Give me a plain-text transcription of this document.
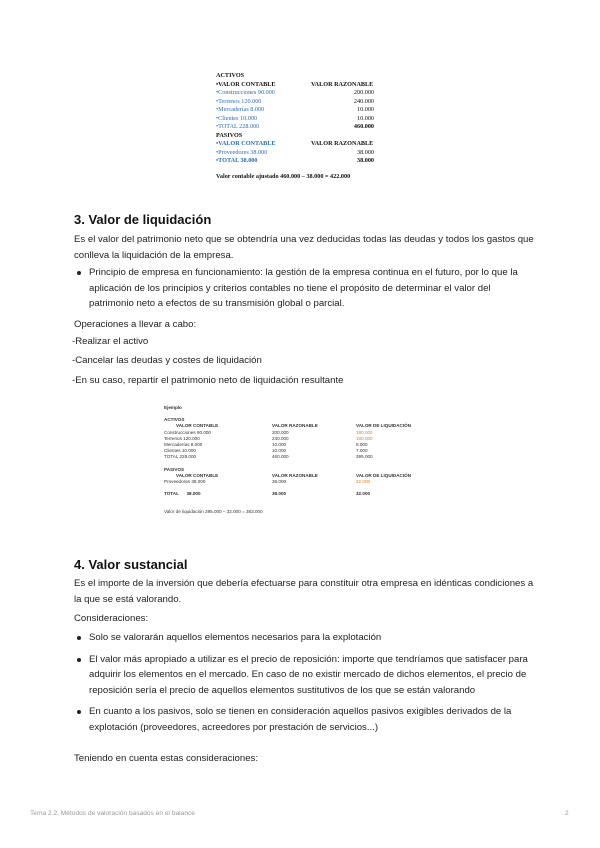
ACTIVOS
•VALOR CONTABLE	VALOR RAZONABLE
•Construcciones 90.000	200.000
•Terrenos 120.000	240.000
•Mercaderías 8.000	10.000
•Clientes 10.000	10.000
•TOTAL 228.000	460.000
PASIVOS
•VALOR CONTABLE	VALOR RAZONABLE
•Proveedores 38.000	38.000
•TOTAL 38.000	38.000
Valor contable ajustado 460.000 – 38.000 = 422.000
3. Valor de liquidación

Es el valor del patrimonio neto que se obtendría una vez deducidas todas las deudas y todos los gastos que conlleva la liquidación de la empresa.

Principio de empresa en funcionamiento: la gestión de la empresa continua en el futuro, por lo que la aplicación de los principios y criterios contables no tiene el propósito de determinar el valor del patrimonio neto a efectos de su transmisión global o parcial.

Operaciones a llevar a cabo:

-Realizar el activo
-Cancelar las deudas y costes de liquidación
-En su caso, repartir el patrimonio neto de liquidación resultante
Ejemplo
ACTIVOS
VALOR CONTABLE	VALOR RAZONABLE	VALOR DE LIQUIDACIÓN
Construcciones 90.000	200.000	180.000
Terrenos 120.000	240.000	180.000
Mercaderías 8.000	10.000	8.000
Clientes 10.000	10.000	7.000
TOTAL 228.000	460.000	395.000
PASIVOS
VALOR CONTABLE	VALOR RAZONABLE	VALOR DE LIQUIDACIÓN
Proveedores 38.000	38.000	32.000
TOTAL      38.000	38.000	32.000
Valor de liquidación 395.000 – 32.000 = 363.000
4. Valor sustancial

Es el importe de la inversión que debería efectuarse para constituir otra empresa en idénticas condiciones a la que se está valorando.

Consideraciones:

Solo se valorarán aquellos elementos necesarios para la explotación
El valor más apropiado a utilizar es el precio de reposición: importe que tendríamos que satisfacer para adquirir los elementos en el mercado. En caso de no existir mercado de dichos elementos, el precio de reposición sería el precio de aquellos elementos sustitutivos de los que se están valorando
En cuanto a los pasivos, solo se tienen en consideración aquellos pasivos exigibles derivados de la explotación (proveedores, acreedores por prestación de servicios...)

Teniendo en cuenta estas consideraciones:

Tema 2.2. Métodos de valoración basados en el balance	2
